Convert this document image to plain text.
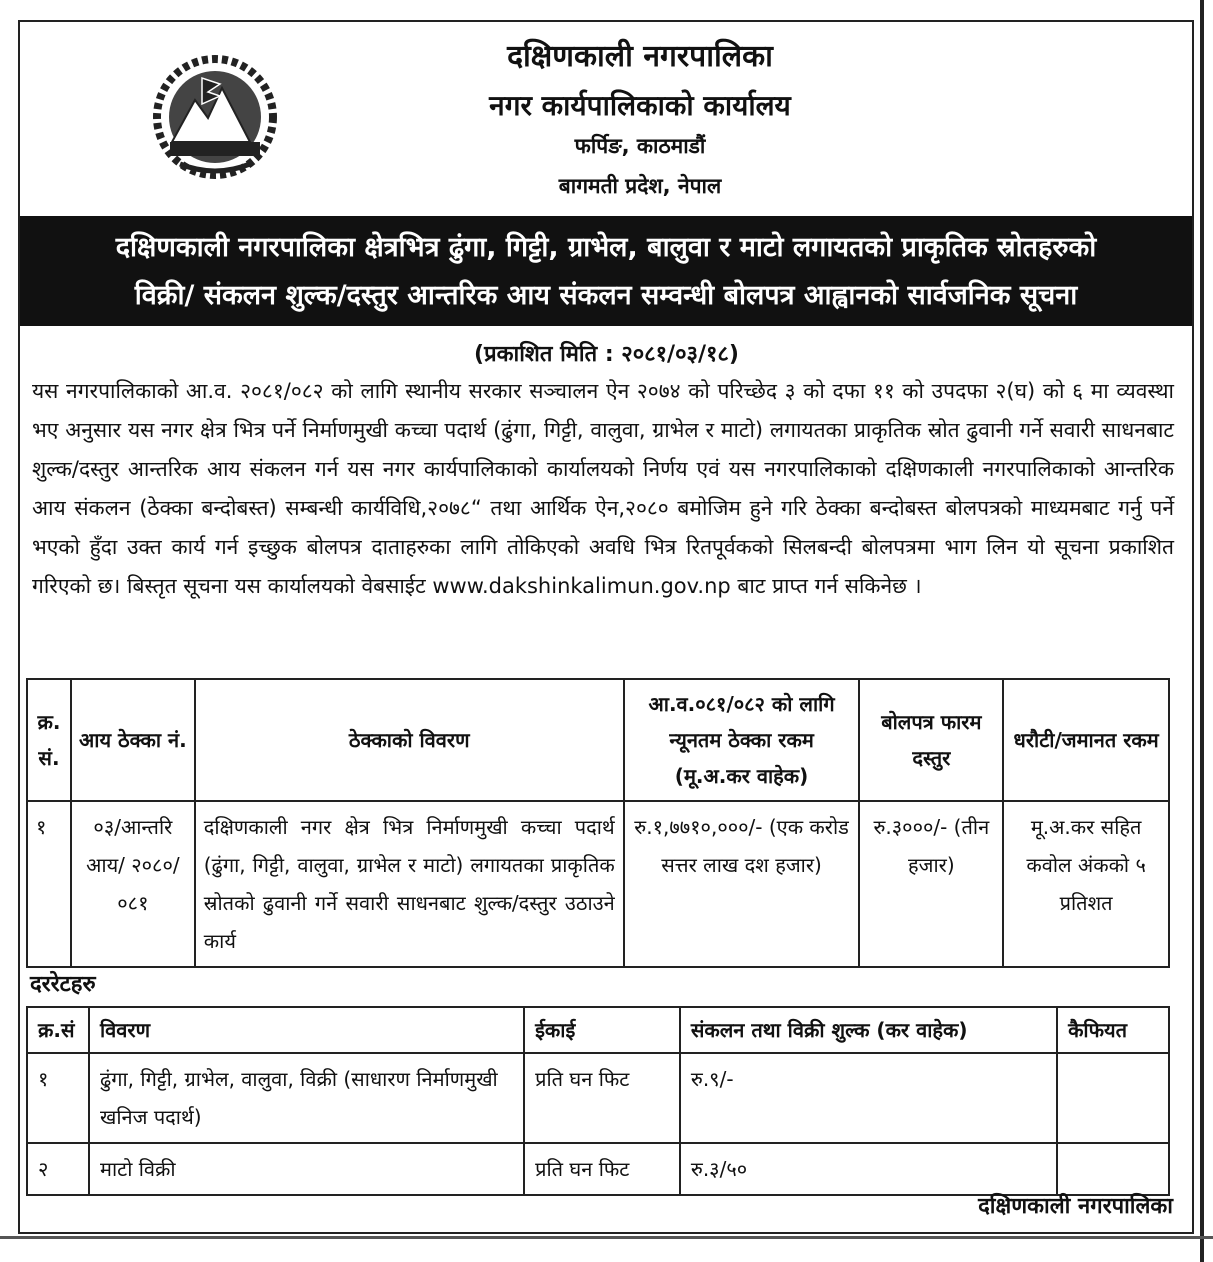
दक्षिणकाली नगरपालिका
नगर कार्यपालिकाको कार्यालय
फर्पिङ, काठमाडौं
बागमती प्रदेश, नेपाल
दक्षिणकाली नगरपालिका क्षेत्रभित्र ढुंगा, गिट्टी, ग्राभेल, बालुवा र माटो लगायतको प्राकृतिक स्रोतहरुको
विक्री/ संकलन शुल्क/दस्तुर आन्तरिक आय संकलन सम्वन्धी बोलपत्र आह्वानको सार्वजनिक सूचना
(प्रकाशित मिति : २०८१/०३/१८)
यस नगरपालिकाको आ.व. २०८१/०८२ को लागि स्थानीय सरकार सञ्चालन ऐन २०७४ को परिच्छेद ३ को दफा ११ को उपदफा २(घ) को ६ मा व्यवस्था भए अनुसार यस नगर क्षेत्र भित्र पर्ने निर्माणमुखी कच्चा पदार्थ (ढुंगा, गिट्टी, वालुवा, ग्राभेल र माटो) लगायतका प्राकृतिक स्रोत ढुवानी गर्ने सवारी साधनबाट शुल्क/दस्तुर आन्तरिक आय संकलन गर्न यस नगर कार्यपालिकाको कार्यालयको निर्णय एवं यस नगरपालिकाको दक्षिणकाली नगरपालिकाको आन्तरिक आय संकलन (ठेक्का बन्दोबस्त) सम्बन्धी कार्यविधि,२०७८“ तथा आर्थिक ऐन,२०८० बमोजिम हुने गरि ठेक्का बन्दोबस्त बोलपत्रको माध्यमबाट गर्नु पर्ने भएको हुँदा उक्त कार्य गर्न इच्छुक बोलपत्र दाताहरुका लागि तोकिएको अवधि भित्र रितपूर्वकको सिलबन्दी बोलपत्रमा भाग लिन यो सूचना प्रकाशित गरिएको छ। बिस्तृत सूचना यस कार्यालयको वेबसाईट www.dakshinkalimun.gov.np बाट प्राप्त गर्न सकिनेछ ।
क्र. सं.	आय ठेक्का नं.	ठेक्काको विवरण	आ.व.०८१/०८२ को लागि न्यूनतम ठेक्का रकम (मू.अ.कर वाहेक)	बोलपत्र फारम दस्तुर	धरौटी/जमानत रकम
१	०३/आन्तरि आय/ २०८०/ ०८१	दक्षिणकाली नगर क्षेत्र भित्र निर्माणमुखी कच्चा पदार्थ (ढुंगा, गिट्टी, वालुवा, ग्राभेल र माटो) लगायतका प्राकृतिक स्रोतको ढुवानी गर्ने सवारी साधनबाट शुल्क/दस्तुर उठाउने कार्य	रु.१,७७१०,०००/- (एक करोड सत्तर लाख दश हजार)	रु.३०००/- (तीन हजार)	मू.अ.कर सहित कवोल अंकको ५ प्रतिशत
दररेटहरु
क्र.सं	विवरण	ईकाई	संकलन तथा विक्री शुल्क (कर वाहेक)	कैफियत
१	ढुंगा, गिट्टी, ग्राभेल, वालुवा, विक्री (साधारण निर्माणमुखी खनिज पदार्थ)	प्रति घन फिट	रु.९/-	
२	माटो विक्री	प्रति घन फिट	रु.३/५०	
दक्षिणकाली नगरपालिका
